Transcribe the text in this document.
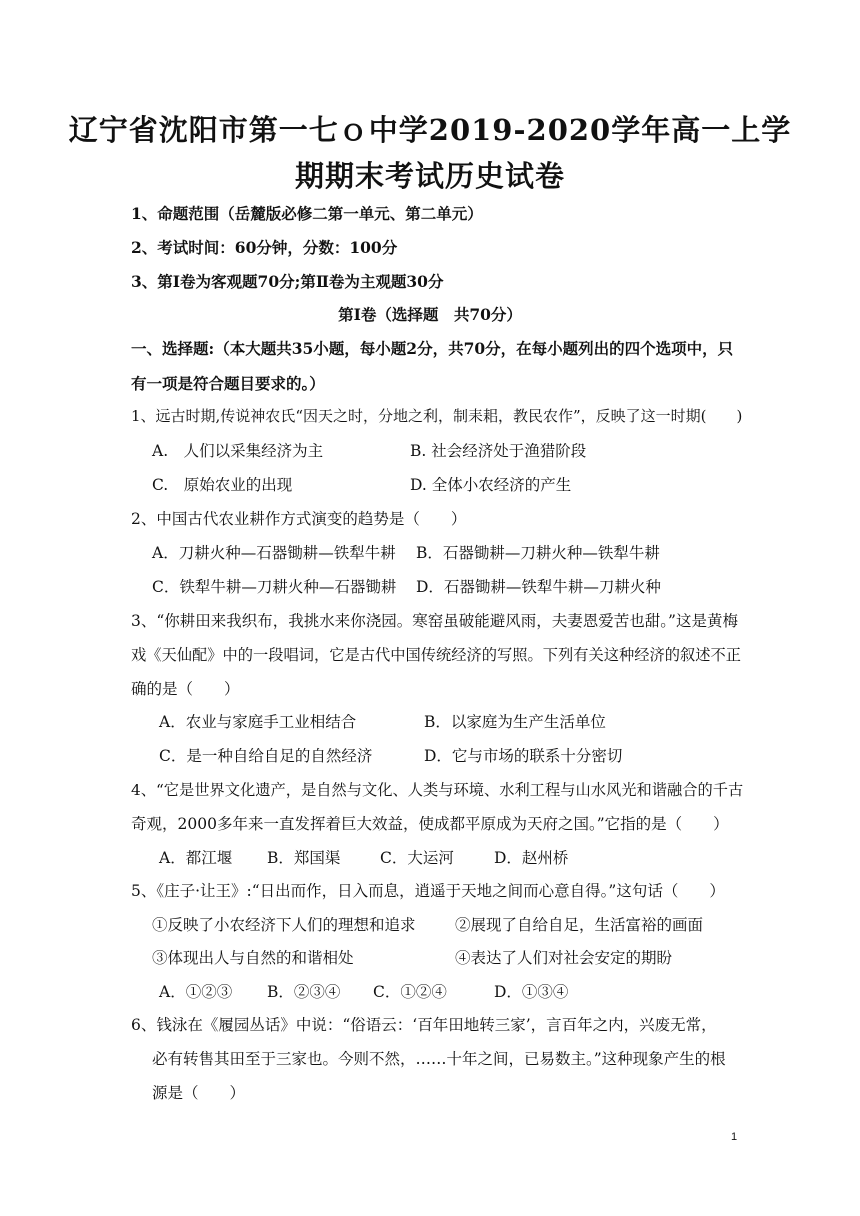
辽宁省沈阳市第一七ｏ中学2019-2020学年高一上学
期期末考试历史试卷
1、命题范围（岳麓版必修二第一单元、第二单元）
2、考试时间：60分钟，分数：100分
3、第Ⅰ卷为客观题70分;第Ⅱ卷为主观题30分
第Ⅰ卷（选择题　共70分）
一、选择题:（本大题共35小题，每小题2分，共70分，在每小题列出的四个选项中，只
有一项是符合题目要求的。）
1、远古时期,传说神农氏“因天之时，分地之利，制耒耜，教民农作”，反映了这一时期(　　)
A.　人们以采集经济为主	B. 社会经济处于渔猎阶段
C.　原始农业的出现	D. 全体小农经济的产生
2、中国古代农业耕作方式演变的趋势是（　　）
A．刀耕火种—石器锄耕—铁犁牛耕 B．石器锄耕—刀耕火种—铁犁牛耕
C．铁犁牛耕—刀耕火种—石器锄耕 D．石器锄耕—铁犁牛耕—刀耕火种
3、“你耕田来我织布，我挑水来你浇园。寒窑虽破能避风雨，夫妻恩爱苦也甜。”这是黄梅
戏《天仙配》中的一段唱词，它是古代中国传统经济的写照。下列有关这种经济的叙述不正
确的是（　　）
A．农业与家庭手工业相结合	B．以家庭为生产生活单位
C．是一种自给自足的自然经济	D．它与市场的联系十分密切
4、“它是世界文化遗产，是自然与文化、人类与环境、水利工程与山水风光和谐融合的千古
奇观，2000多年来一直发挥着巨大效益，使成都平原成为天府之国。”它指的是（　　）
A．都江堰 B．郑国渠	C．大运河	D．赵州桥
5、《庄子·让王》:“日出而作，日入而息，逍遥于天地之间而心意自得。”这句话（　　）
①反映了小农经济下人们的理想和追求	②展现了自给自足，生活富裕的画面
③体现出人与自然的和谐相处	④表达了人们对社会安定的期盼
A．①②③ B．②③④ C．①②④	D．①③④
6、钱泳在《履园丛话》中说：“俗语云：‘百年田地转三家’，言百年之内，兴废无常，
必有转售其田至于三家也。今则不然，……十年之间，已易数主。”这种现象产生的根
源是（　　）
1
